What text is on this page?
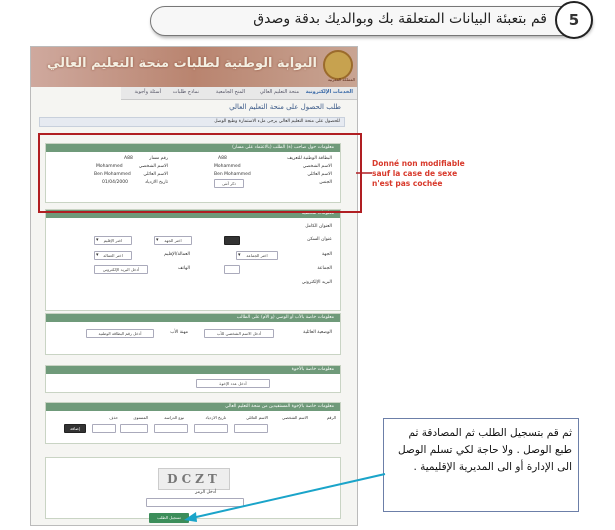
قم بتعبئة البيانات المتعلقة بك وبوالديك بدقة وصدق	5
البوابة الوطنية لطلبات منحة التعليم العالي
المملكة المغربية
الخدمات الإلكترونية
منحة التعليم العالي
المنح الجامعية
نماذج طلبات
أسئلة وأجوبة
طلب الحصول على منحة التعليم العالي
للحصول على منحة التعليم العالي يرجى ملء الاستمارة وطبع الوصل
معلومات حول صاحب (ة) الطلب (بالاعتماد على مسار)
البطاقة الوطنية للتعريف
الاسم الشخصي
الاسم العائلي
الجنس
A88
Mohammed
Ben Mohammed
ذكر أنثى
رقم مسار
الاسم الشخصي
الاسم العائلي
تاريخ الازدياد
A88
Mohammed
Ben Mohammed
01/04/2000
معلومات شخصية
العنوان الكامل
عنوان السكن
الجهة
الجماعة
البريد الإلكتروني
العمالة/الإقليم
الهاتف
اختر الجهة ▾
اختر الإقليم ▾
اختر الجماعة ▾
اختر العمالة ▾
أدخل البريد الإلكتروني
معلومات خاصة بالأب أو الوصي (و الأم) على الطالب
الوضعية العائلية
أدخل الاسم الشخصي للأب
مهنة الأب
أدخل رقم البطاقة الوطنية
معلومات خاصة بالأخوة
أدخل عدد الإخوة
معلومات خاصة بالإخوة المستفيدين من منحة التعليم العالي
الرقم
الاسم الشخصي
الاسم العائلي
تاريخ الازدياد
نوع الدراسة
المستوى
حذف
إضافة
DCZT
أدخل الرمز
تسجيل الطلب
Donné non modifiable sauf la case de sexe n'est pas cochée
ثم قم بتسجيل الطلب ثم المصادقة ثم طبع الوصل . ولا حاجة لكي تسلم الوصل الى الإدارة أو الى المديرية الإقليمية .
